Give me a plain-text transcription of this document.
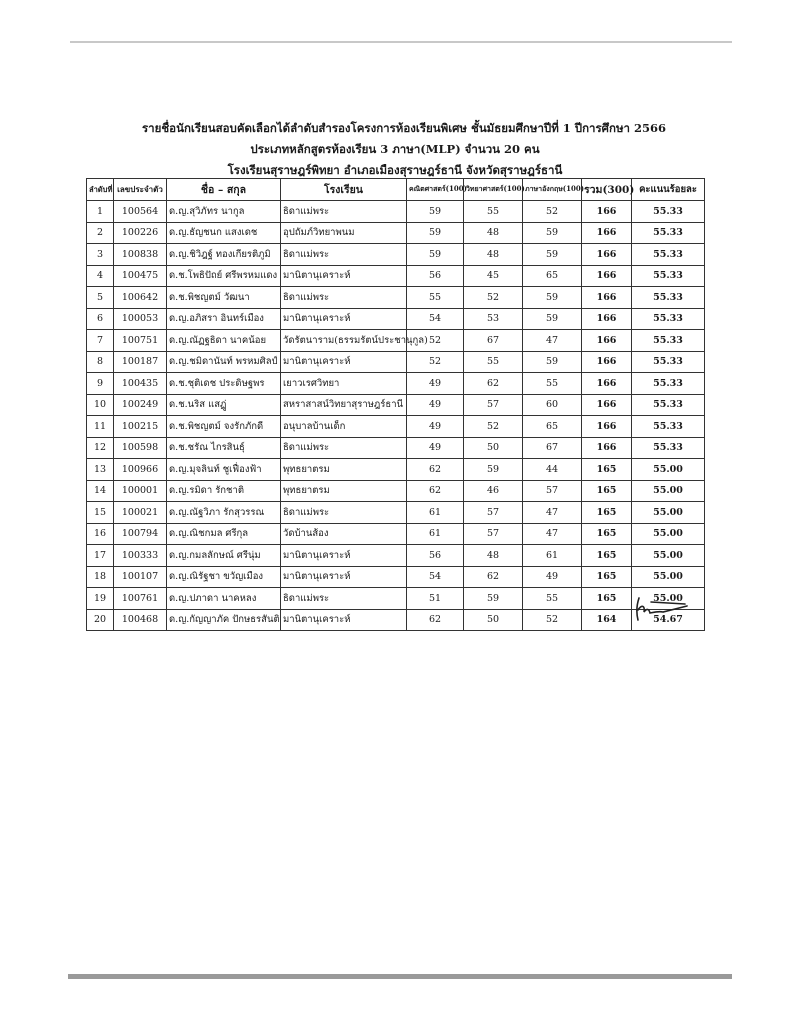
รายชื่อนักเรียนสอบคัดเลือกได้ลำดับสำรองโครงการห้องเรียนพิเศษ ชั้นมัธยมศึกษาปีที่ 1 ปีการศึกษา 2566
ประเภทหลักสูตรห้องเรียน 3 ภาษา(MLP) จำนวน 20 คน
โรงเรียนสุราษฎร์พิทยา อำเภอเมืองสุราษฎร์ธานี จังหวัดสุราษฎร์ธานี
ลำดับที่	เลขประจำตัว	ชื่อ – สกุล	โรงเรียน	คณิตศาสตร์(100)	วิทยาศาสตร์(100)	ภาษาอังกฤษ(100)	รวม(300)	คะแนนร้อยละ
1	100564	ด.ญ.สุวิภัทร นากูล	ธิดาแม่พระ	59	55	52	166	55.33
2	100226	ด.ญ.ธัญชนก แสงเดช	อุปถัมภ์วิทยาพนม	59	48	59	166	55.33
3	100838	ด.ญ.ชิวิฎฐ์ ทองเกียรติภูมิ	ธิดาแม่พระ	59	48	59	166	55.33
4	100475	ด.ช.โพธิปัถย์ ศรีพรหมแดง	มานิตานุเคราะห์	56	45	65	166	55.33
5	100642	ด.ช.พิชญตม์ วัฒนา	ธิดาแม่พระ	55	52	59	166	55.33
6	100053	ด.ญ.อภิสรา อินทร์เมือง	มานิตานุเคราะห์	54	53	59	166	55.33
7	100751	ด.ญ.ณัฏฐธิดา นาคน้อย	วัดรัตนาราม(ธรรมรัตน์ประชานุกูล)	52	67	47	166	55.33
8	100187	ด.ญ.ชมิดานันท์ พรหมศิลป์	มานิตานุเคราะห์	52	55	59	166	55.33
9	100435	ด.ช.ชุติเดช ประดิษฐพร	เยาวเรศวิทยา	49	62	55	166	55.33
10	100249	ด.ช.นริส แสฏู่	สหราสาสน์วิทยาสุราษฎร์ธานี	49	57	60	166	55.33
11	100215	ด.ช.พิชญตม์ จงรักภักดี	อนุบาลบ้านเด็ก	49	52	65	166	55.33
12	100598	ด.ช.ชรัณ ไกรสินธุ์	ธิดาแม่พระ	49	50	67	166	55.33
13	100966	ด.ญ.มุจลินท์ ชูเฟื่องฟ้า	พุทธยาตรม	62	59	44	165	55.00
14	100001	ด.ญ.รมิดา รักชาติ	พุทธยาตรม	62	46	57	165	55.00
15	100021	ด.ญ.ณัฐวิภา รักสุวรรณ	ธิดาแม่พระ	61	57	47	165	55.00
16	100794	ด.ญ.ณิชกมล ศรีกุล	วัดบ้านส้อง	61	57	47	165	55.00
17	100333	ด.ญ.กมลลักษณ์ ศรีนุ่ม	มานิตานุเคราะห์	56	48	61	165	55.00
18	100107	ด.ญ.ณิรัฐชา ขวัญเมือง	มานิตานุเคราะห์	54	62	49	165	55.00
19	100761	ด.ญ.ปภาดา นาคหลง	ธิดาแม่พระ	51	59	55	165	55.00
20	100468	ด.ญ.กัญญาภัค ปักษธรสันติ	มานิตานุเคราะห์	62	50	52	164	54.67
